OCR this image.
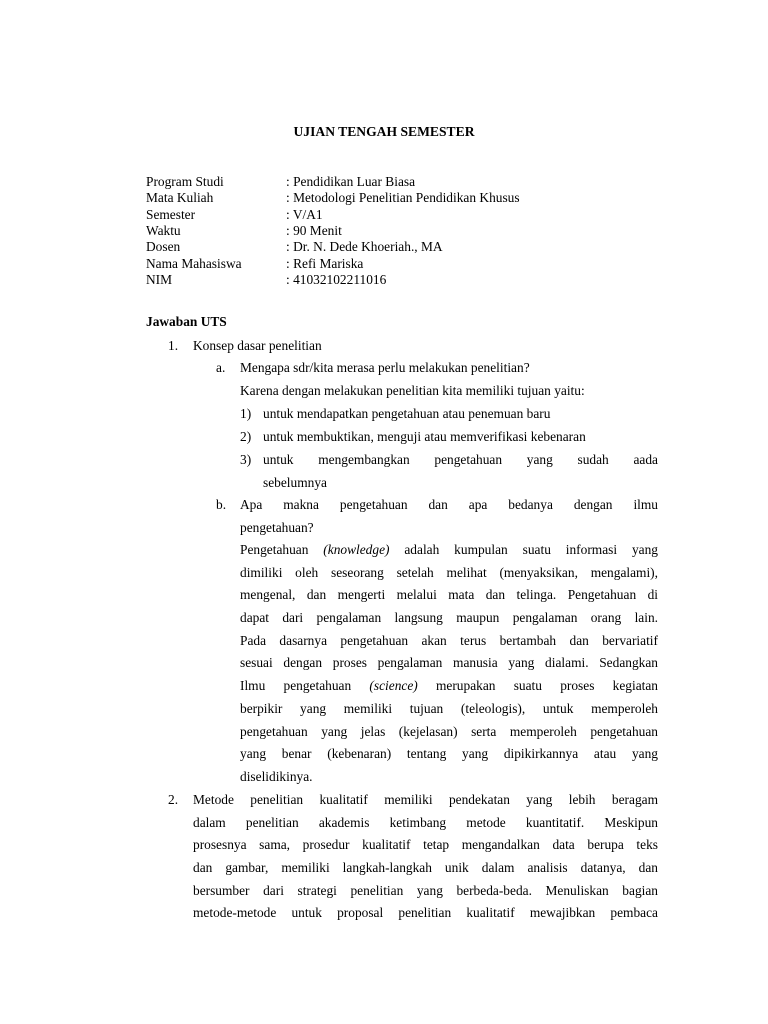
UJIAN TENGAH SEMESTER
Program Studi	: Pendidikan Luar Biasa
Mata Kuliah	: Metodologi Penelitian Pendidikan Khusus
Semester	: V/A1
Waktu	: 90 Menit
Dosen	: Dr. N. Dede Khoeriah., MA
Nama Mahasiswa	: Refi Mariska
NIM	: 41032102211016
Jawaban UTS
1. Konsep dasar penelitian
a. Mengapa sdr/kita merasa perlu melakukan penelitian?
Karena dengan melakukan penelitian kita memiliki tujuan yaitu:
1) untuk mendapatkan pengetahuan atau penemuan baru
2) untuk membuktikan, menguji atau memverifikasi kebenaran
3) untuk mengembangkan pengetahuan yang sudah aada
sebelumnya
b. Apa makna pengetahuan dan apa bedanya dengan ilmu
pengetahuan?
Pengetahuan (knowledge) adalah kumpulan suatu informasi yang
dimiliki oleh seseorang setelah melihat (menyaksikan, mengalami),
mengenal, dan mengerti melalui mata dan telinga. Pengetahuan di
dapat dari pengalaman langsung maupun pengalaman orang lain.
Pada dasarnya pengetahuan akan terus bertambah dan bervariatif
sesuai dengan proses pengalaman manusia yang dialami. Sedangkan
Ilmu pengetahuan (science) merupakan suatu proses kegiatan
berpikir yang memiliki tujuan (teleologis), untuk memperoleh
pengetahuan yang jelas (kejelasan) serta memperoleh pengetahuan
yang benar (kebenaran) tentang yang dipikirkannya atau yang
diselidikinya.
2. Metode penelitian kualitatif memiliki pendekatan yang lebih beragam
dalam penelitian akademis ketimbang metode kuantitatif. Meskipun
prosesnya sama, prosedur kualitatif tetap mengandalkan data berupa teks
dan gambar, memiliki langkah-langkah unik dalam analisis datanya, dan
bersumber dari strategi penelitian yang berbeda-beda. Menuliskan bagian
metode-metode untuk proposal penelitian kualitatif mewajibkan pembaca
